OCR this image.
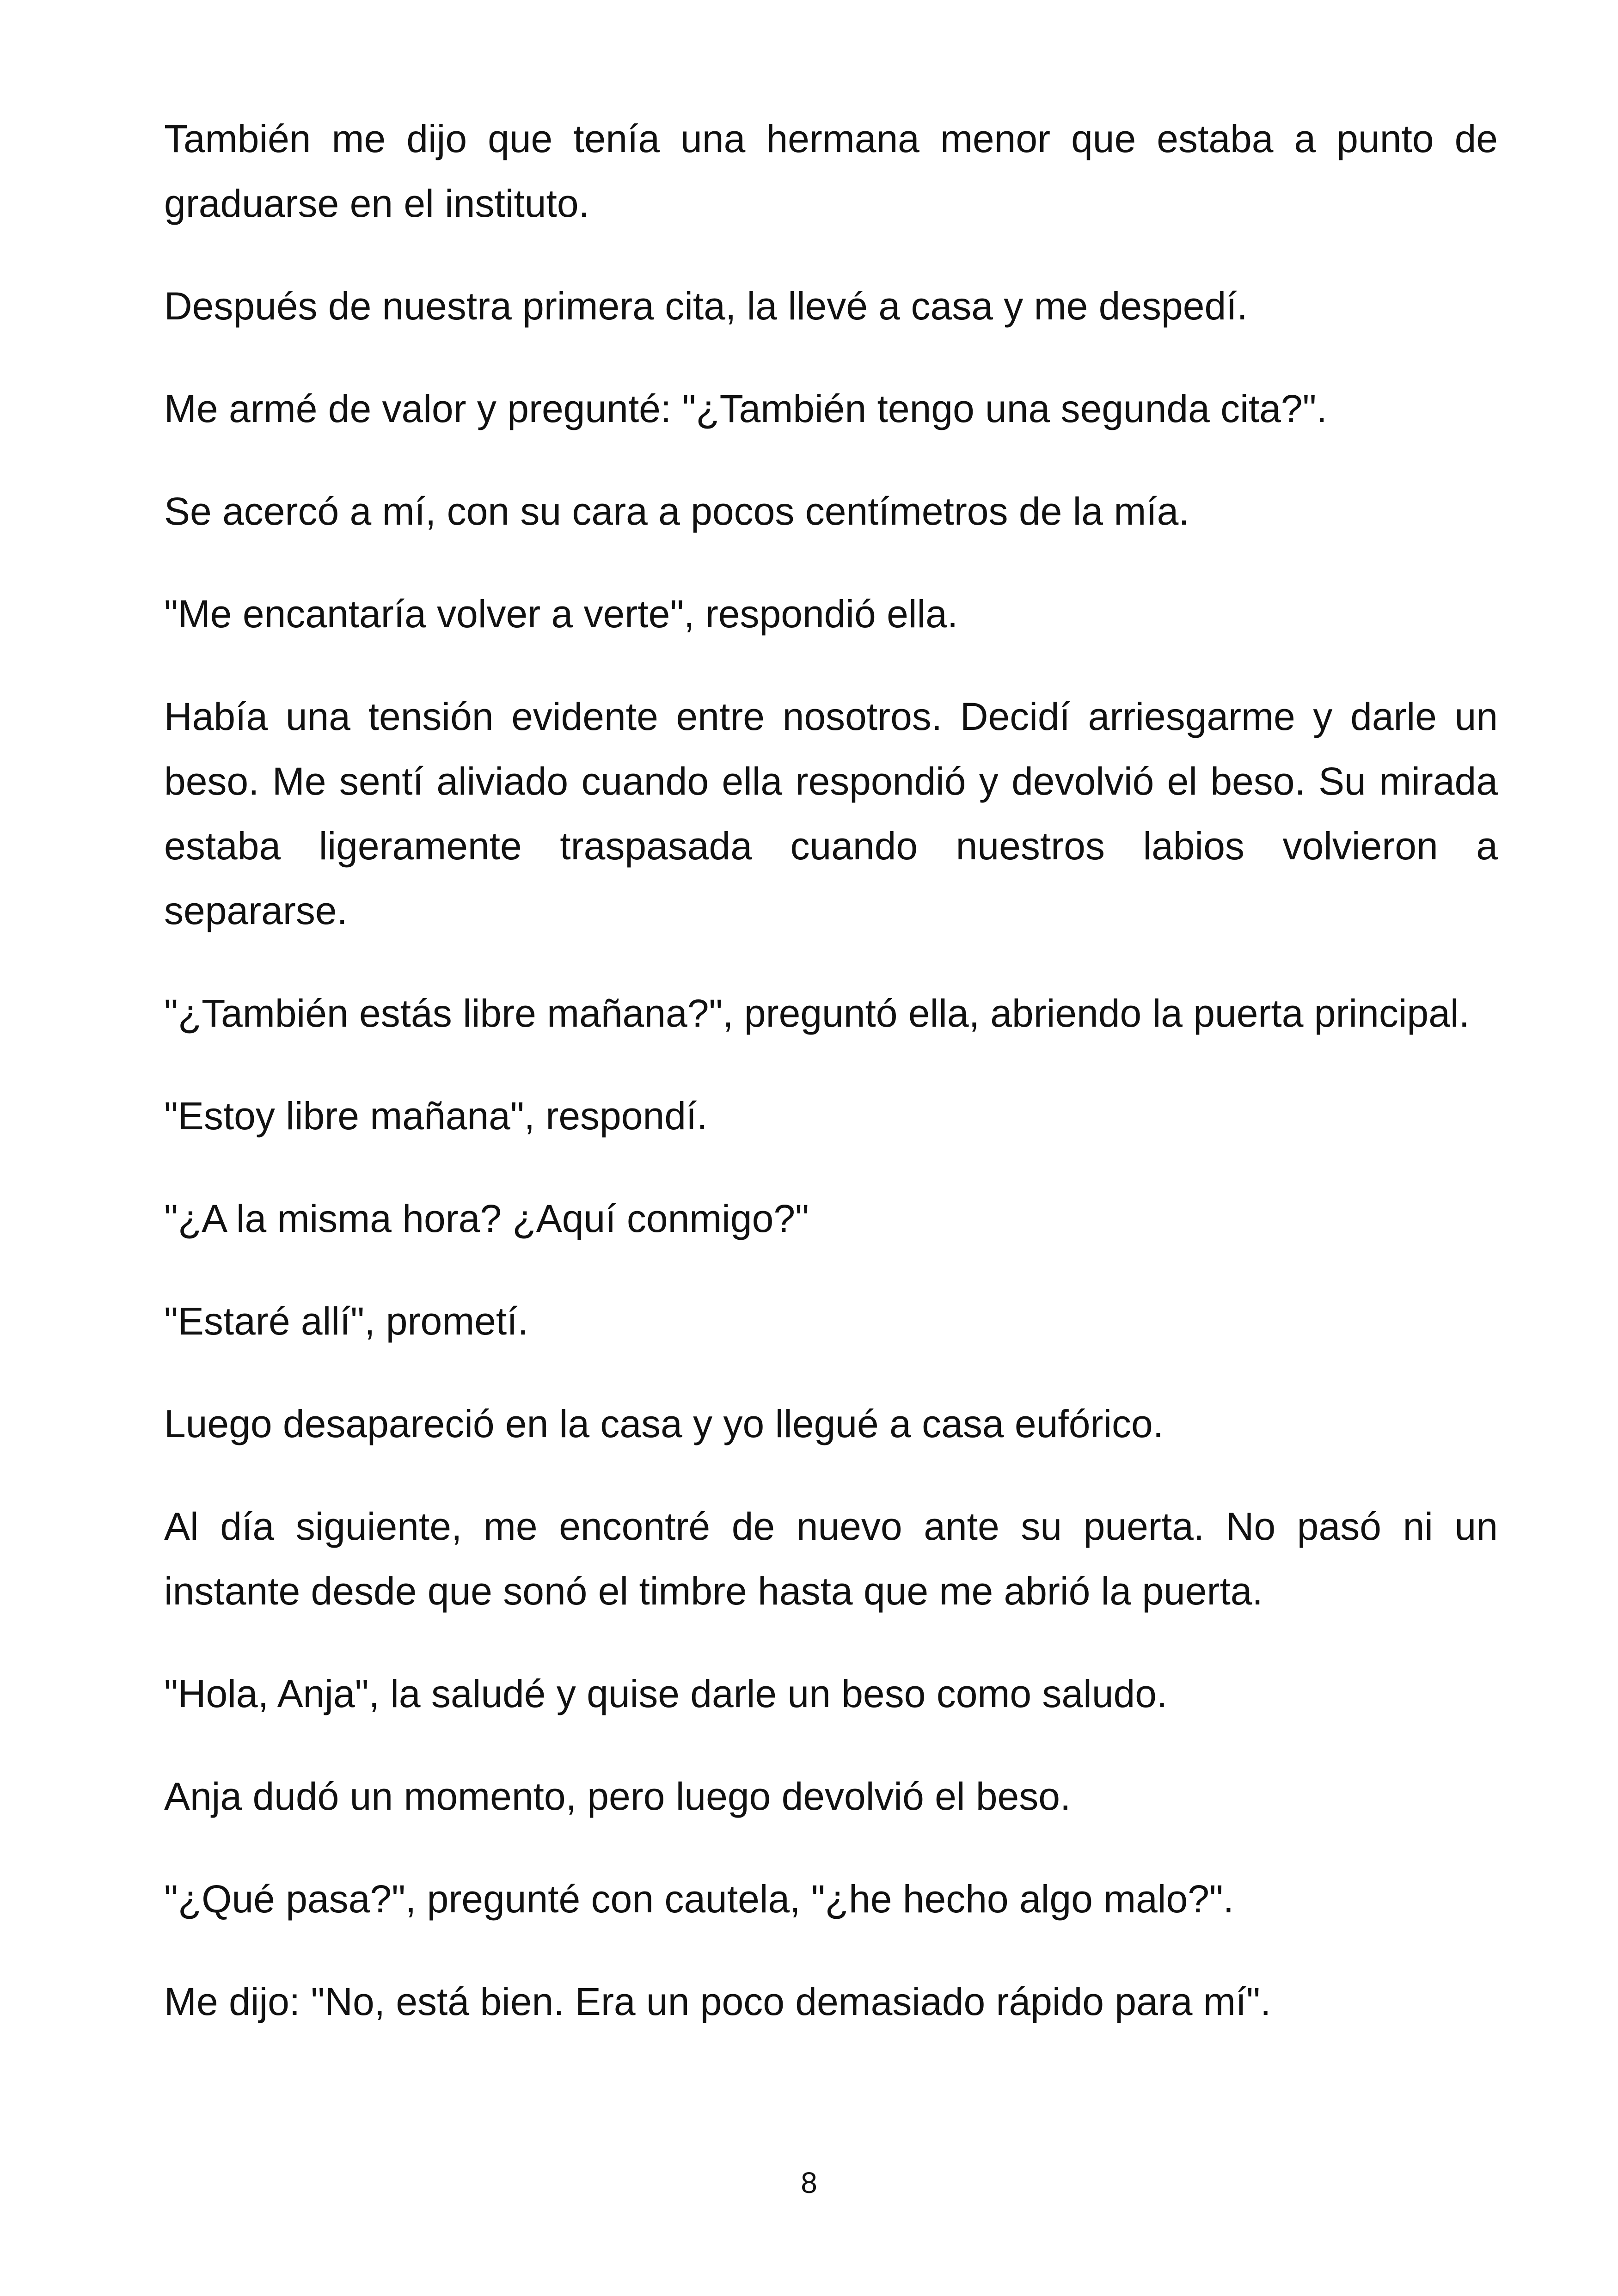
También me dijo que tenía una hermana menor que estaba a punto de graduarse en el instituto.

Después de nuestra primera cita, la llevé a casa y me despedí.

Me armé de valor y pregunté: "¿También tengo una segunda cita?".

Se acercó a mí, con su cara a pocos centímetros de la mía.

"Me encantaría volver a verte", respondió ella.

Había una tensión evidente entre nosotros. Decidí arriesgarme y darle un beso. Me sentí aliviado cuando ella respondió y devolvió el beso. Su mirada estaba ligeramente traspasada cuando nuestros labios volvieron a separarse.

"¿También estás libre mañana?", preguntó ella, abriendo la puerta principal.

"Estoy libre mañana", respondí.

"¿A la misma hora? ¿Aquí conmigo?"

"Estaré allí", prometí.

Luego desapareció en la casa y yo llegué a casa eufórico.

Al día siguiente, me encontré de nuevo ante su puerta. No pasó ni un instante desde que sonó el timbre hasta que me abrió la puerta.

"Hola, Anja", la saludé y quise darle un beso como saludo.

Anja dudó un momento, pero luego devolvió el beso.

"¿Qué pasa?", pregunté con cautela, "¿he hecho algo malo?".

Me dijo: "No, está bien. Era un poco demasiado rápido para mí".

8
